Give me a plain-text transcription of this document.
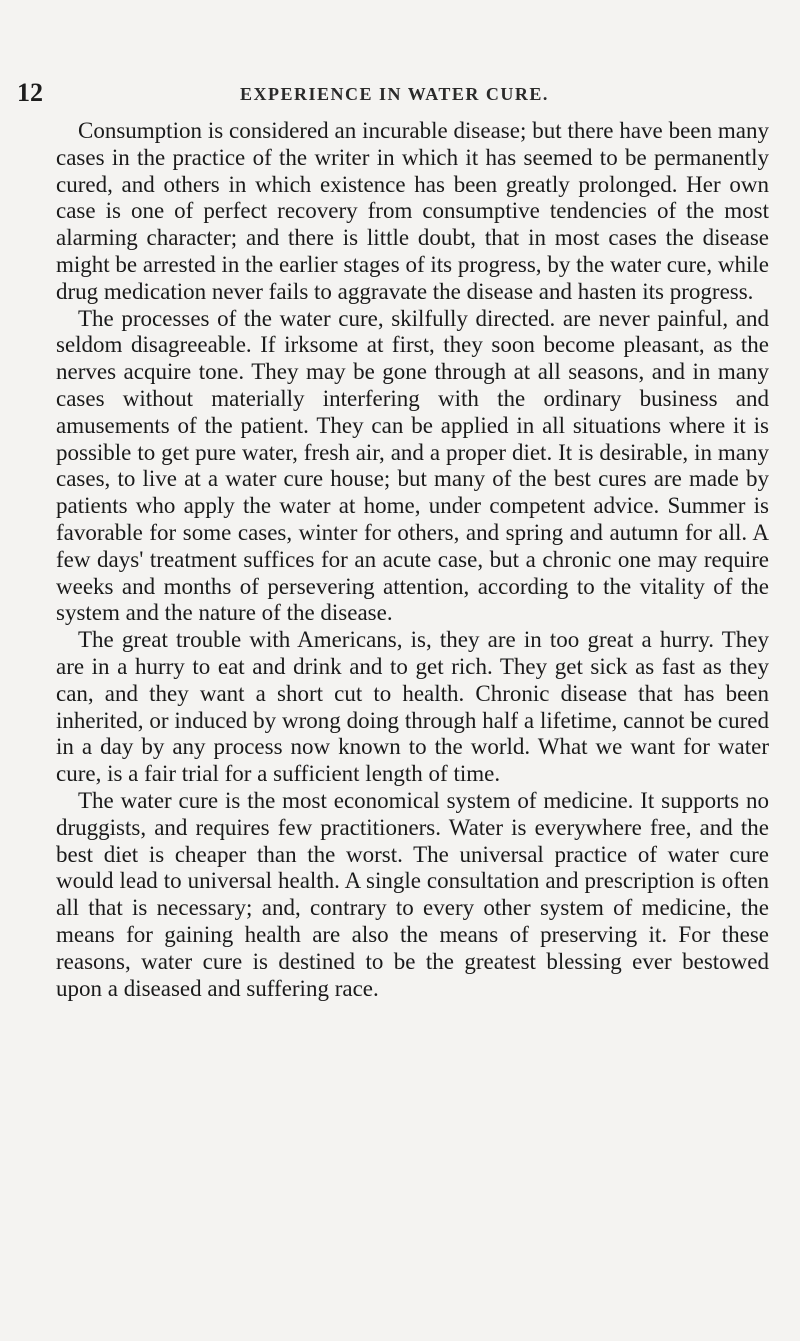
12	EXPERIENCE IN WATER CURE.

Consumption is considered an incurable disease; but there have been many cases in the practice of the writer in which it has seemed to be permanently cured, and others in which existence has been greatly prolonged. Her own case is one of perfect recovery from consumptive tendencies of the most alarming character; and there is little doubt, that in most cases the disease might be arrested in the earlier stages of its progress, by the water cure, while drug medication never fails to aggravate the disease and hasten its progress.

The processes of the water cure, skilfully directed. are never painful, and seldom disagreeable. If irksome at first, they soon become pleasant, as the nerves acquire tone. They may be gone through at all seasons, and in many cases without materially interfering with the ordinary business and amusements of the patient. They can be applied in all situations where it is possible to get pure water, fresh air, and a proper diet. It is desirable, in many cases, to live at a water cure house; but many of the best cures are made by patients who apply the water at home, under competent advice. Summer is favorable for some cases, winter for others, and spring and autumn for all. A few days' treatment suffices for an acute case, but a chronic one may require weeks and months of persevering attention, according to the vitality of the system and the nature of the disease.

The great trouble with Americans, is, they are in too great a hurry. They are in a hurry to eat and drink and to get rich. They get sick as fast as they can, and they want a short cut to health. Chronic disease that has been inherited, or induced by wrong doing through half a lifetime, cannot be cured in a day by any process now known to the world. What we want for water cure, is a fair trial for a sufficient length of time.

The water cure is the most economical system of medicine. It supports no druggists, and requires few practitioners. Water is everywhere free, and the best diet is cheaper than the worst. The universal practice of water cure would lead to universal health. A single consultation and prescription is often all that is necessary; and, contrary to every other system of medicine, the means for gaining health are also the means of preserving it. For these reasons, water cure is destined to be the greatest blessing ever bestowed upon a diseased and suffering race.
